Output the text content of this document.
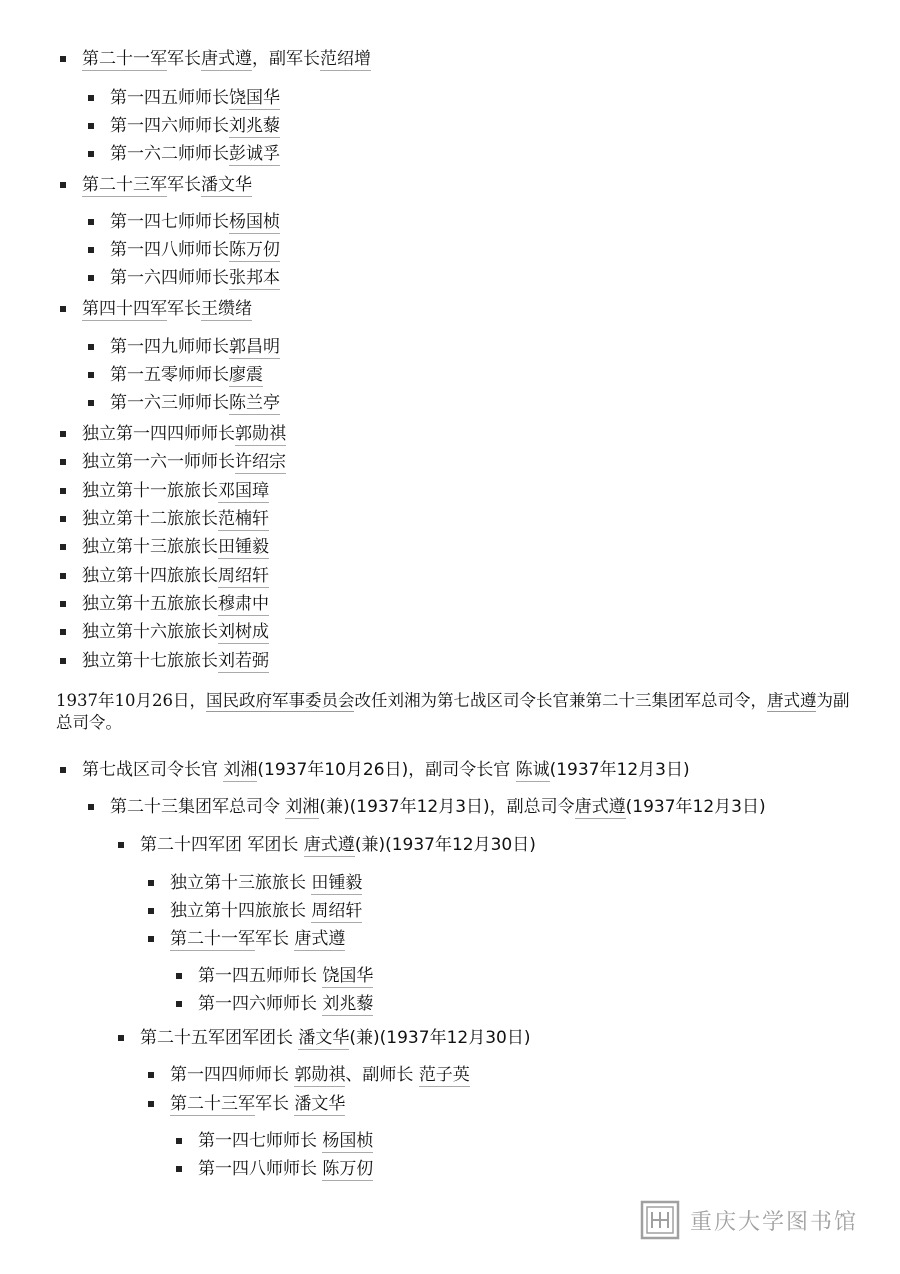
第二十一军军长唐式遵，副军长范绍增
第一四五师师长饶国华
第一四六师师长刘兆藜
第一六二师师长彭诚孚
第二十三军军长潘文华
第一四七师师长杨国桢
第一四八师师长陈万仞
第一六四师师长张邦本
第四十四军军长王缵绪
第一四九师师长郭昌明
第一五零师师长廖震
第一六三师师长陈兰亭
独立第一四四师师长郭勋祺
独立第一六一师师长许绍宗
独立第十一旅旅长邓国璋
独立第十二旅旅长范楠轩
独立第十三旅旅长田锺毅
独立第十四旅旅长周绍轩
独立第十五旅旅长穆肃中
独立第十六旅旅长刘树成
独立第十七旅旅长刘若弼
1937年10月26日，国民政府军事委员会改任刘湘为第七战区司令长官兼第二十三集团军总司令，唐式遵为副总司令。
第七战区司令长官 刘湘(1937年10月26日)，副司令长官 陈诚(1937年12月3日)
第二十三集团军总司令 刘湘(兼)(1937年12月3日)，副总司令唐式遵(1937年12月3日)
第二十四军团 军团长 唐式遵(兼)(1937年12月30日)
独立第十三旅旅长 田锺毅
独立第十四旅旅长 周绍轩
第二十一军军长 唐式遵
第一四五师师长 饶国华
第一四六师师长 刘兆藜
第二十五军团军团长 潘文华(兼)(1937年12月30日)
第一四四师师长 郭勋祺、副师长 范子英
第二十三军军长 潘文华
第一四七师师长 杨国桢
第一四八师师长 陈万仞
重庆大学图书馆
